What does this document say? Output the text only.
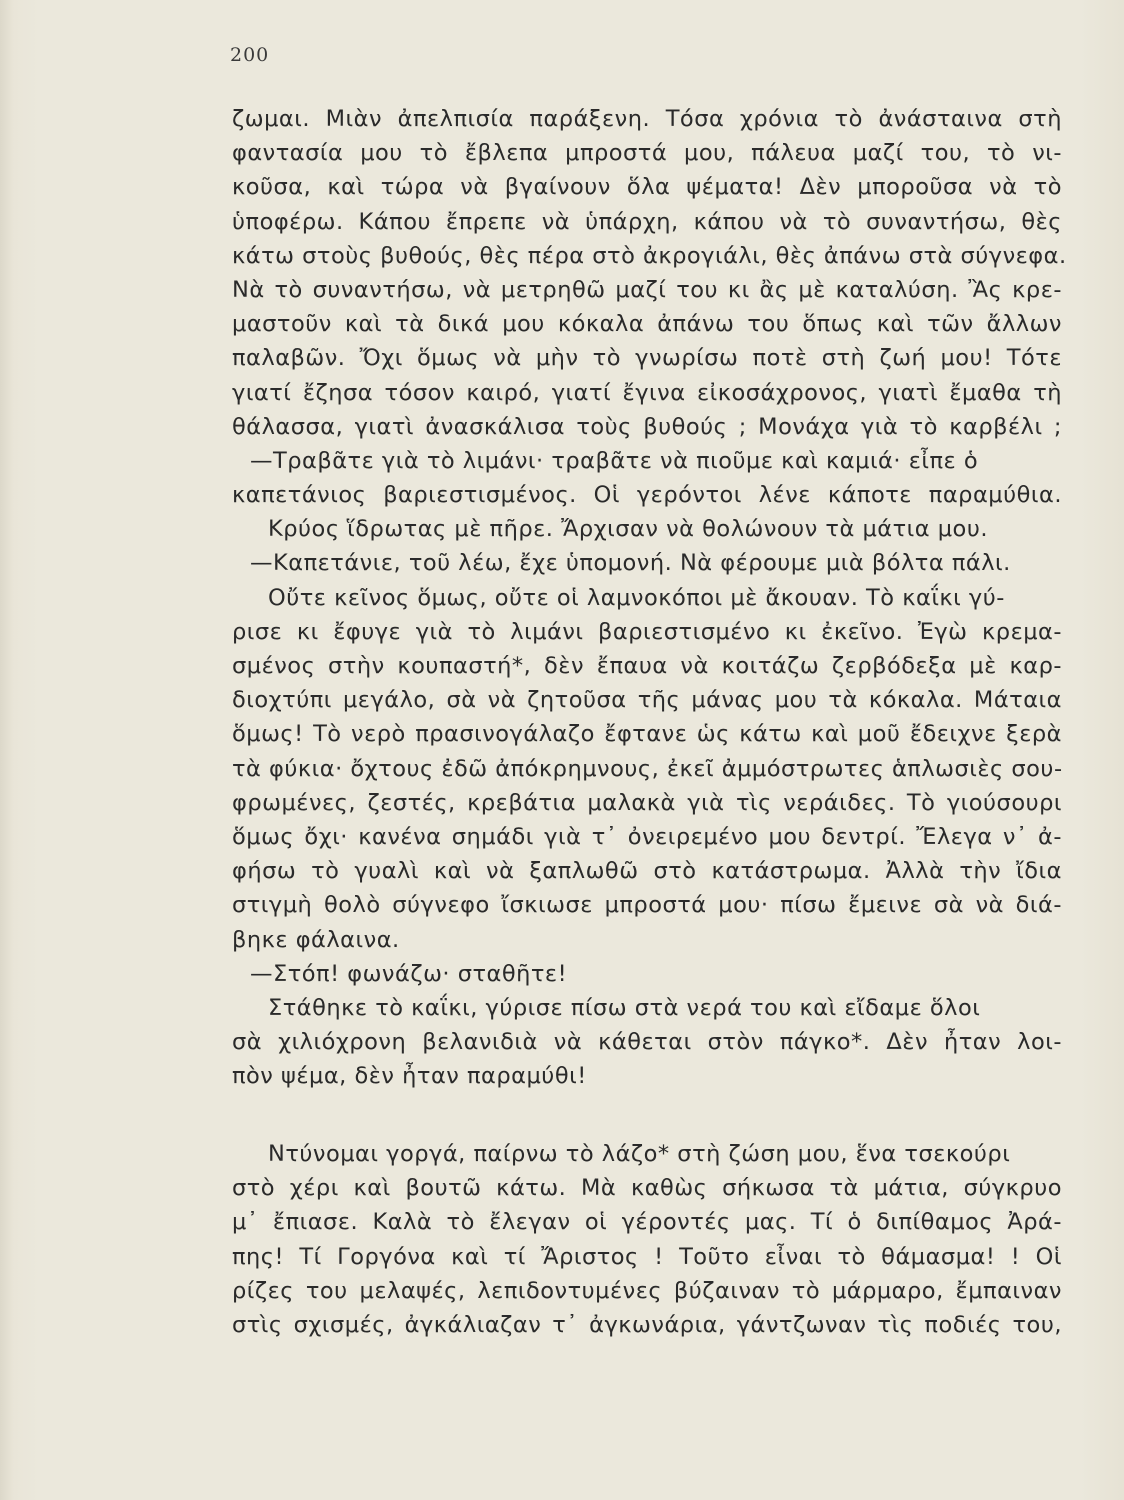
200
ζωμαι. Μιὰν ἀπελπισία παράξενη. Τόσα χρόνια τὸ ἀνάσταινα στὴ
φαντασία μου τὸ ἔβλεπα μπροστά μου, πάλευα μαζί του, τὸ νι-
κοῦσα, καὶ τώρα νὰ βγαίνουν ὅλα ψέματα! Δὲν μποροῦσα νὰ τὸ
ὑποφέρω. Κάπου ἔπρεπε νὰ ὑπάρχη, κάπου νὰ τὸ συναντήσω, θὲς
κάτω στοὺς βυθούς, θὲς πέρα στὸ ἀκρογιάλι, θὲς ἀπάνω στὰ σύγνεφα.
Νὰ τὸ συναντήσω, νὰ μετρηθῶ μαζί του κι ἂς μὲ καταλύση. Ἂς κρε-
μαστοῦν καὶ τὰ δικά μου κόκαλα ἀπάνω του ὅπως καὶ τῶν ἄλλων
παλαβῶν. Ὄχι ὅμως νὰ μὴν τὸ γνωρίσω ποτὲ στὴ ζωή μου! Τότε
γιατί ἔζησα τόσον καιρό, γιατί ἔγινα εἰκοσάχρονος, γιατὶ ἔμαθα τὴ
θάλασσα, γιατὶ ἀνασκάλισα τοὺς βυθούς ; Μονάχα γιὰ τὸ καρβέλι ;
—Τραβᾶτε γιὰ τὸ λιμάνι· τραβᾶτε νὰ πιοῦμε καὶ καμιά· εἶπε ὁ
καπετάνιος βαριεστισμένος. Οἱ γερόντοι λένε κάποτε παραμύθια.
Κρύος ἵδρωτας μὲ πῆρε. Ἄρχισαν νὰ θολώνουν τὰ μάτια μου.
—Καπετάνιε, τοῦ λέω, ἔχε ὑπομονή. Νὰ φέρουμε μιὰ βόλτα πάλι.
Οὔτε κεῖνος ὅμως, οὔτε οἱ λαμνοκόποι μὲ ἄκουαν. Τὸ καΐκι γύ-
ρισε κι ἔφυγε γιὰ τὸ λιμάνι βαριεστισμένο κι ἐκεῖνο. Ἐγὼ κρεμα-
σμένος στὴν κουπαστή*, δὲν ἔπαυα νὰ κοιτάζω ζερβόδεξα μὲ καρ-
διοχτύπι μεγάλο, σὰ νὰ ζητοῦσα τῆς μάνας μου τὰ κόκαλα. Μάταια
ὅμως! Τὸ νερὸ πρασινογάλαζο ἔφτανε ὡς κάτω καὶ μοῦ ἔδειχνε ξερὰ
τὰ φύκια· ὄχτους ἐδῶ ἀπόκρημνους, ἐκεῖ ἀμμόστρωτες ἁπλωσιὲς σου-
φρωμένες, ζεστές, κρεβάτια μαλακὰ γιὰ τὶς νεράιδες. Τὸ γιούσουρι
ὅμως ὄχι· κανένα σημάδι γιὰ τ᾽ ὀνειρεμένο μου δεντρί. Ἔλεγα ν᾽ ἀ-
φήσω τὸ γυαλὶ καὶ νὰ ξαπλωθῶ στὸ κατάστρωμα. Ἀλλὰ τὴν ἴδια
στιγμὴ θολὸ σύγνεφο ἴσκιωσε μπροστά μου· πίσω ἔμεινε σὰ νὰ διά-
βηκε φάλαινα.
—Στόπ! φωνάζω· σταθῆτε!
Στάθηκε τὸ καΐκι, γύρισε πίσω στὰ νερά του καὶ εἴδαμε ὅλοι
σὰ χιλιόχρονη βελανιδιὰ νὰ κάθεται στὸν πάγκο*. Δὲν ἦταν λοι-
πὸν ψέμα, δὲν ἦταν παραμύθι!
Ντύνομαι γοργά, παίρνω τὸ λάζο* στὴ ζώση μου, ἕνα τσεκούρι
στὸ χέρι καὶ βουτῶ κάτω. Μὰ καθὼς σήκωσα τὰ μάτια, σύγκρυο
μ᾽ ἔπιασε. Καλὰ τὸ ἔλεγαν οἱ γέροντές μας. Τί ὁ διπίθαμος Ἀρά-
πης! Τί Γοργόνα καὶ τί Ἄριστος ! Τοῦτο εἶναι τὸ θάμασμα! ! Οἱ
ρίζες του μελαψές, λεπιδοντυμένες βύζαιναν τὸ μάρμαρο, ἔμπαιναν
στὶς σχισμές, ἀγκάλιαζαν τ᾽ ἀγκωνάρια, γάντζωναν τὶς ποδιές του,
